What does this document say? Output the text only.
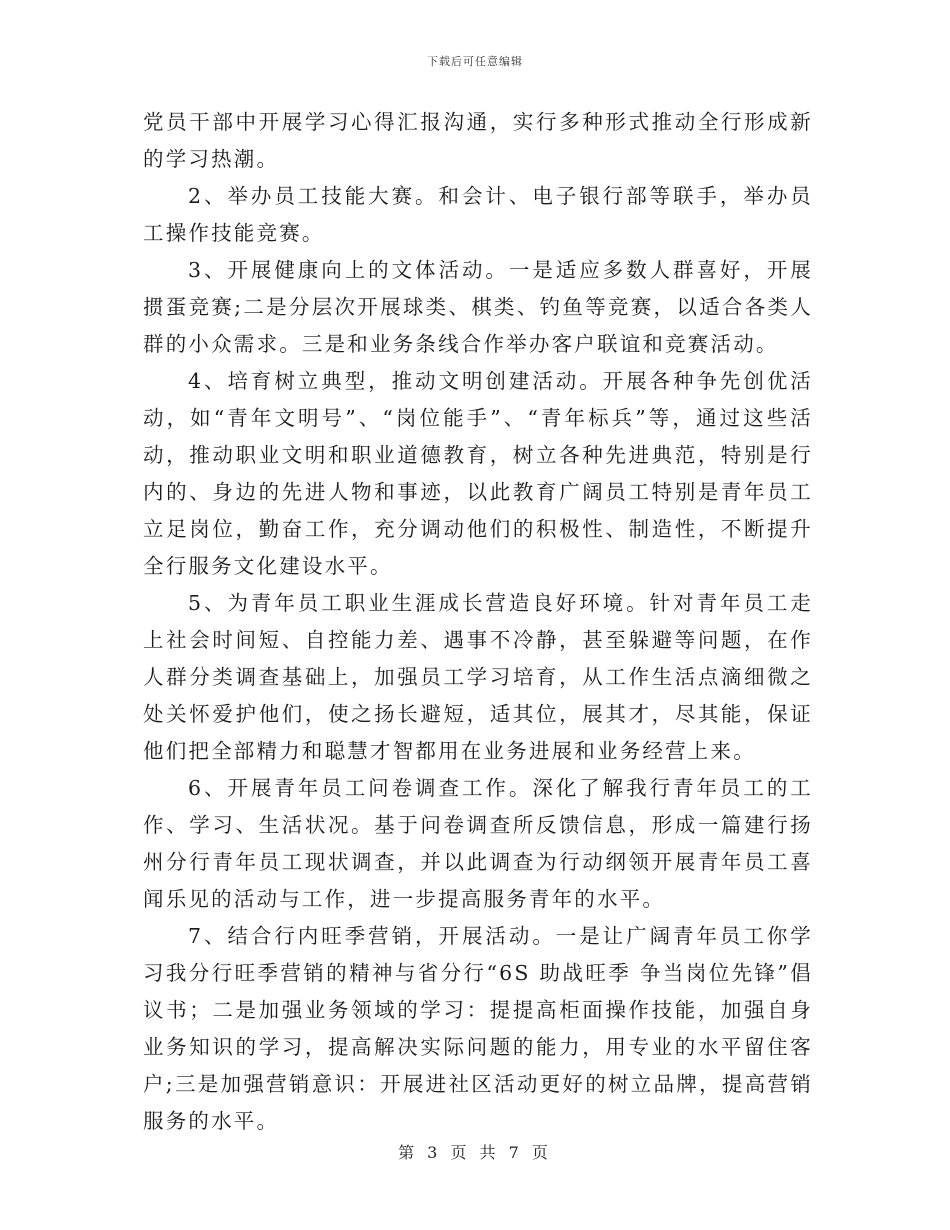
下载后可任意编辑

党员干部中开展学习心得汇报沟通，实行多种形式推动全行形成新的学习热潮。

2、举办员工技能大赛。和会计、电子银行部等联手，举办员工操作技能竞赛。

3、开展健康向上的文体活动。一是适应多数人群喜好，开展掼蛋竞赛;二是分层次开展球类、棋类、钓鱼等竞赛，以适合各类人群的小众需求。三是和业务条线合作举办客户联谊和竞赛活动。

4、培育树立典型，推动文明创建活动。开展各种争先创优活动，如“青年文明号”、“岗位能手”、“青年标兵”等，通过这些活动，推动职业文明和职业道德教育，树立各种先进典范，特别是行内的、身边的先进人物和事迹，以此教育广阔员工特别是青年员工立足岗位，勤奋工作，充分调动他们的积极性、制造性，不断提升全行服务文化建设水平。

5、为青年员工职业生涯成长营造良好环境。针对青年员工走上社会时间短、自控能力差、遇事不冷静，甚至躲避等问题，在作人群分类调查基础上，加强员工学习培育，从工作生活点滴细微之处关怀爱护他们，使之扬长避短，适其位，展其才，尽其能，保证他们把全部精力和聪慧才智都用在业务进展和业务经营上来。

6、开展青年员工问卷调查工作。深化了解我行青年员工的工作、学习、生活状况。基于问卷调查所反馈信息，形成一篇建行扬州分行青年员工现状调查，并以此调查为行动纲领开展青年员工喜闻乐见的活动与工作，进一步提高服务青年的水平。

7、结合行内旺季营销，开展活动。一是让广阔青年员工你学习我分行旺季营销的精神与省分行“6S 助战旺季 争当岗位先锋”倡议书；二是加强业务领域的学习：提提高柜面操作技能，加强自身业务知识的学习，提高解决实际问题的能力，用专业的水平留住客户;三是加强营销意识：开展进社区活动更好的树立品牌，提高营销服务的水平。

第 3 页 共 7 页
